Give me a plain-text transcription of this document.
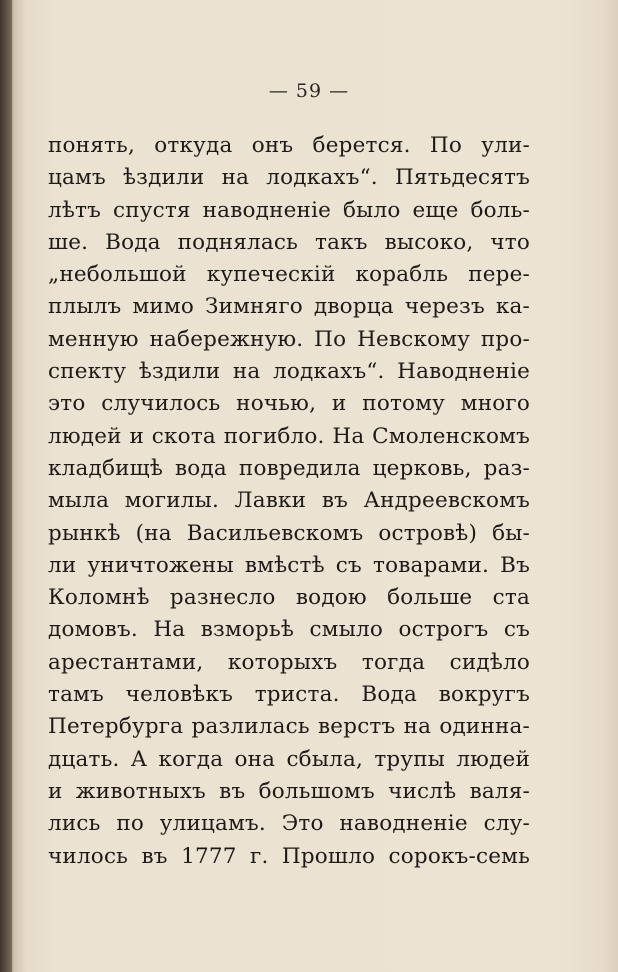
— 59 —
понять, откуда онъ берется. По ули-
цамъ ѣздили на лодкахъ“. Пятьдесятъ
лѣтъ спустя наводненіе было еще боль-
ше. Вода поднялась такъ высоко, что
„небольшой купеческій корабль пере-
плылъ мимо Зимняго дворца черезъ ка-
менную набережную. По Невскому про-
спекту ѣздили на лодкахъ“. Наводненіе
это случилось ночью, и потому много
людей и скота погибло. На Смоленскомъ
кладбищѣ вода повредила церковь, раз-
мыла могилы. Лавки въ Андреевскомъ
рынкѣ (на Васильевскомъ островѣ) бы-
ли уничтожены вмѣстѣ съ товарами. Въ
Коломнѣ разнесло водою больше ста
домовъ. На взморьѣ смыло острогъ съ
арестантами, которыхъ тогда сидѣло
тамъ человѣкъ триста. Вода вокругъ
Петербурга разлилась верстъ на одинна-
дцать. А когда она сбыла, трупы людей
и животныхъ въ большомъ числѣ валя-
лись по улицамъ. Это наводненіе слу-
чилось въ 1777 г. Прошло сорокъ-семь
